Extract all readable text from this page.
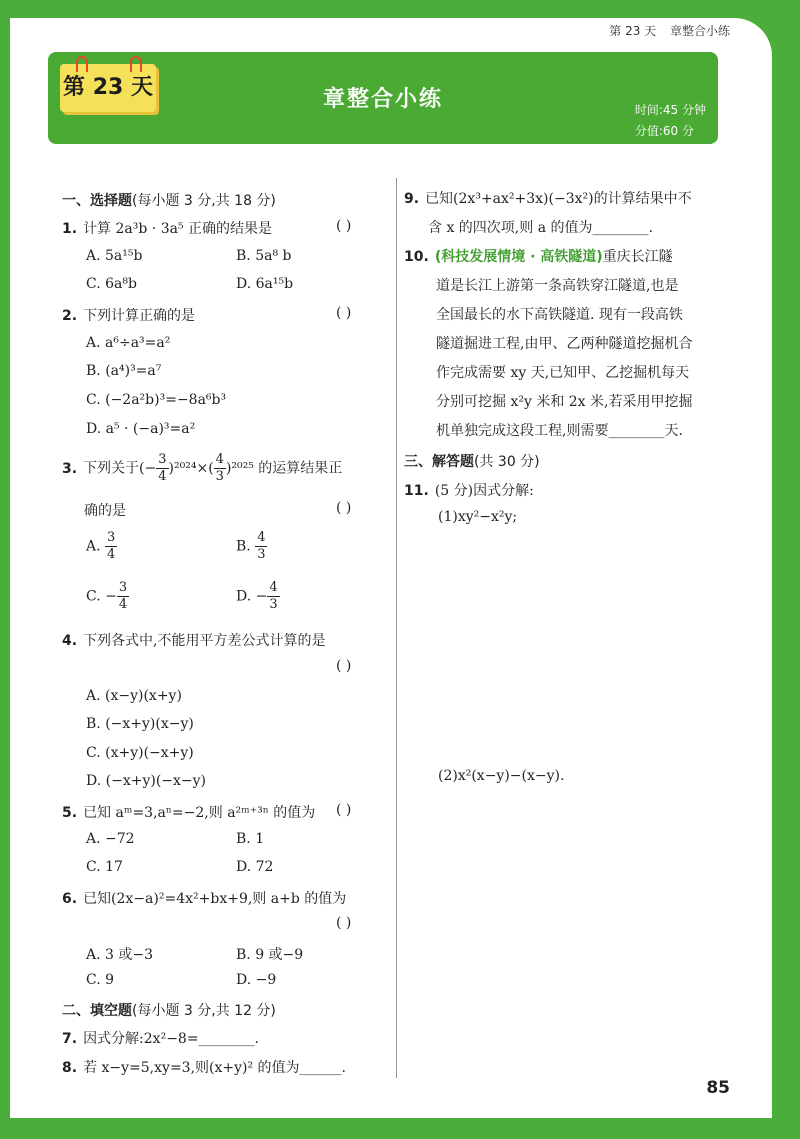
第 23 天 章整合小练
第 23 天	章整合小练	时间:45 分钟
分值:60 分
一、选择题(每小题 3 分,共 18 分)
1. 计算 2a³b · 3a⁵ 正确的结果是	( )
A. 5a¹⁵b	B. 5a⁸ b
C. 6a⁸b	D. 6a¹⁵b
2. 下列计算正确的是	( )
A. a⁶÷a³=a²
B. (a⁴)³=a⁷
C. (−2a²b)³=−8a⁶b³
D. a⁵ · (−a)³=a²
3. 下列关于(− $\frac{3}{4} )^{2024}\times( \frac{4}{3} )^{2025}$ 的运算结果正
确的是	( )
A. $\frac{3}{4}$	B. $\frac{4}{3}$
C. − $\frac{3}{4}$	D. − $\frac{4}{3}$
4. 下列各式中,不能用平方差公式计算的是
( )
A. (x−y)(x+y)
B. (−x+y)(x−y)
C. (x+y)(−x+y)
D. (−x+y)(−x−y)
5. 已知 aᵐ=3,aⁿ=−2,则 a²ᵐ⁺³ⁿ 的值为 ( )
A. −72	B. 1
C. 17	D. 72
6. 已知(2x−a)²=4x²+bx+9,则 a+b 的值为
( )
A. 3 或−3	B. 9 或−9
C. 9	D. −9
二、填空题(每小题 3 分,共 12 分)
7. 因式分解:2x²−8=________.
8. 若 x−y=5,xy=3,则(x+y)² 的值为______.
9. 已知(2x³+ax²+3x)(−3x²)的计算结果中不
含 x 的四次项,则 a 的值为________.
10. (科技发展情境 · 高铁隧道)重庆长江隧
道是长江上游第一条高铁穿江隧道,也是
全国最长的水下高铁隧道. 现有一段高铁
隧道掘进工程,由甲、乙两种隧道挖掘机合
作完成需要 xy 天,已知甲、乙挖掘机每天
分别可挖掘 x²y 米和 2x 米,若采用甲挖掘
机单独完成这段工程,则需要________天.
三、解答题(共 30 分)
11. (5 分)因式分解:
(1)xy²−x²y;
(2)x²(x−y)−(x−y).
85
